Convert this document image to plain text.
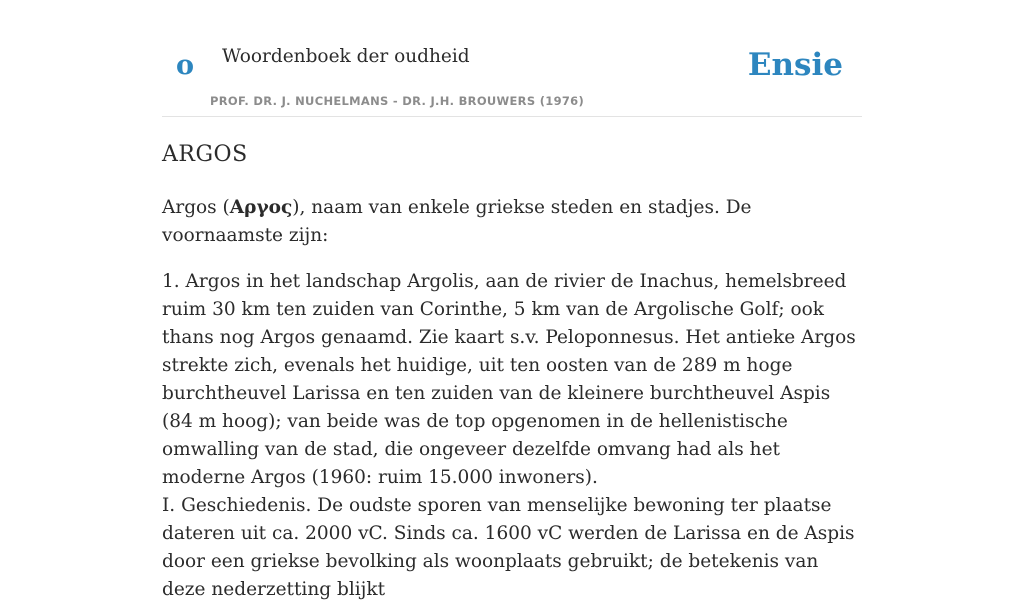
o Woordenboek der oudheid
PROF. DR. J. NUCHELMANS - DR. J.H. BROUWERS (1976)
Ensie
ARGOS

Argos (Αργος), naam van enkele griekse steden en stadjes. De voornaamste zijn:

1. Argos in het landschap Argolis, aan de rivier de Inachus, hemelsbreed ruim 30 km ten zuiden van Corinthe, 5 km van de Argolische Golf; ook thans nog Argos genaamd. Zie kaart s.v. Peloponnesus. Het antieke Argos strekte zich, evenals het huidige, uit ten oosten van de 289 m hoge burchtheuvel Larissa en ten zuiden van de kleinere burchtheuvel Aspis (84 m hoog); van beide was de top opgenomen in de hellenistische omwalling van de stad, die ongeveer dezelfde omvang had als het moderne Argos (1960: ruim 15.000 inwoners).

I. Geschiedenis. De oudste sporen van menselijke bewoning ter plaatse dateren uit ca. 2000 vC. Sinds ca. 1600 vC werden de Larissa en de Aspis door een griekse bevolking als woonplaats gebruikt; de betekenis van deze nederzetting blijkt
